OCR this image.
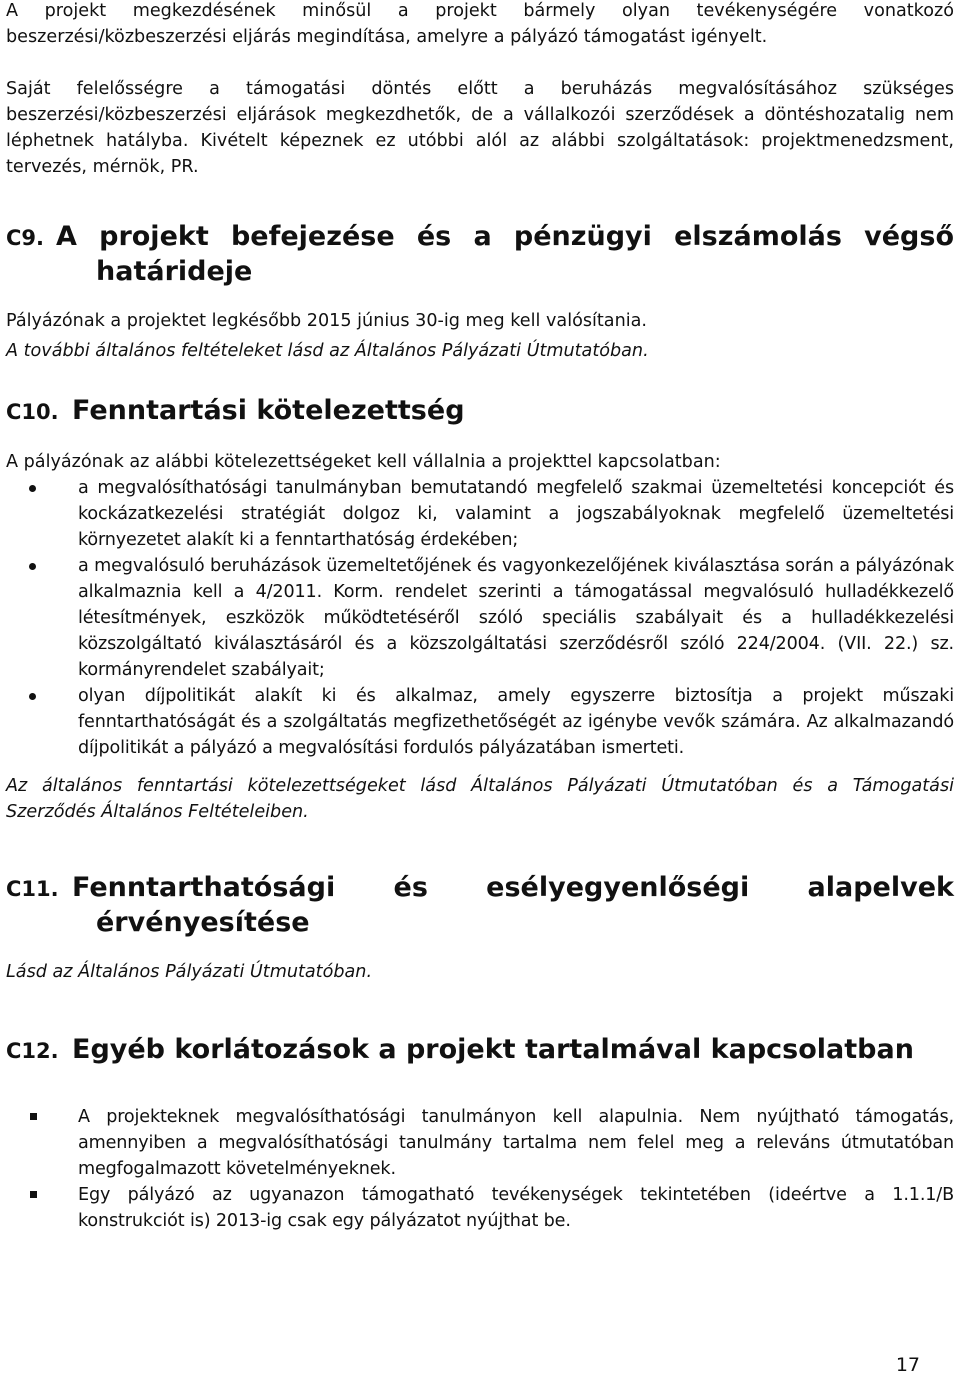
A projekt megkezdésének minősül a projekt bármely olyan tevékenységére vonatkozó beszerzési/közbeszerzési eljárás megindítása, amelyre a pályázó támogatást igényelt.

Saját felelősségre a támogatási döntés előtt a beruházás megvalósításához szükséges beszerzési/közbeszerzési eljárások megkezdhetők, de a vállalkozói szerződések a döntéshozatalig nem léphetnek hatályba. Kivételt képeznek ez utóbbi alól az alábbi szolgáltatások: projektmenedzsment, tervezés, mérnök, PR.

C9. A projekt befejezése és a pénzügyi elszámolás végső határideje

Pályázónak a projektet legkésőbb 2015 június 30-ig meg kell valósítania.

A további általános feltételeket lásd az Általános Pályázati Útmutatóban.

C10. Fenntartási kötelezettség

A pályázónak az alábbi kötelezettségeket kell vállalnia a projekttel kapcsolatban:

a megvalósíthatósági tanulmányban bemutatandó megfelelő szakmai üzemeltetési koncepciót és kockázatkezelési stratégiát dolgoz ki, valamint a jogszabályoknak megfelelő üzemeltetési környezetet alakít ki a fenntarthatóság érdekében;
a megvalósuló beruházások üzemeltetőjének és vagyonkezelőjének kiválasztása során a pályázónak alkalmaznia kell a 4/2011. Korm. rendelet szerinti a támogatással megvalósuló hulladékkezelő létesítmények, eszközök működtetéséről szóló speciális szabályait és a hulladékkezelési közszolgáltató kiválasztásáról és a közszolgáltatási szerződésről szóló 224/2004. (VII. 22.) sz. kormányrendelet szabályait;
olyan díjpolitikát alakít ki és alkalmaz, amely egyszerre biztosítja a projekt műszaki fenntarthatóságát és a szolgáltatás megfizethetőségét az igénybe vevők számára. Az alkalmazandó díjpolitikát a pályázó a megvalósítási fordulós pályázatában ismerteti.

Az általános fenntartási kötelezettségeket lásd Általános Pályázati Útmutatóban és a Támogatási Szerződés Általános Feltételeiben.

C11. Fenntarthatósági és esélyegyenlőségi alapelvek érvényesítése

Lásd az Általános Pályázati Útmutatóban.

C12. Egyéb korlátozások a projekt tartalmával kapcsolatban
A projekteknek megvalósíthatósági tanulmányon kell alapulnia. Nem nyújtható támogatás, amennyiben a megvalósíthatósági tanulmány tartalma nem felel meg a releváns útmutatóban megfogalmazott követelményeknek.
Egy pályázó az ugyanazon támogatható tevékenységek tekintetében (ideértve a 1.1.1/B konstrukciót is) 2013-ig csak egy pályázatot nyújthat be.
17
